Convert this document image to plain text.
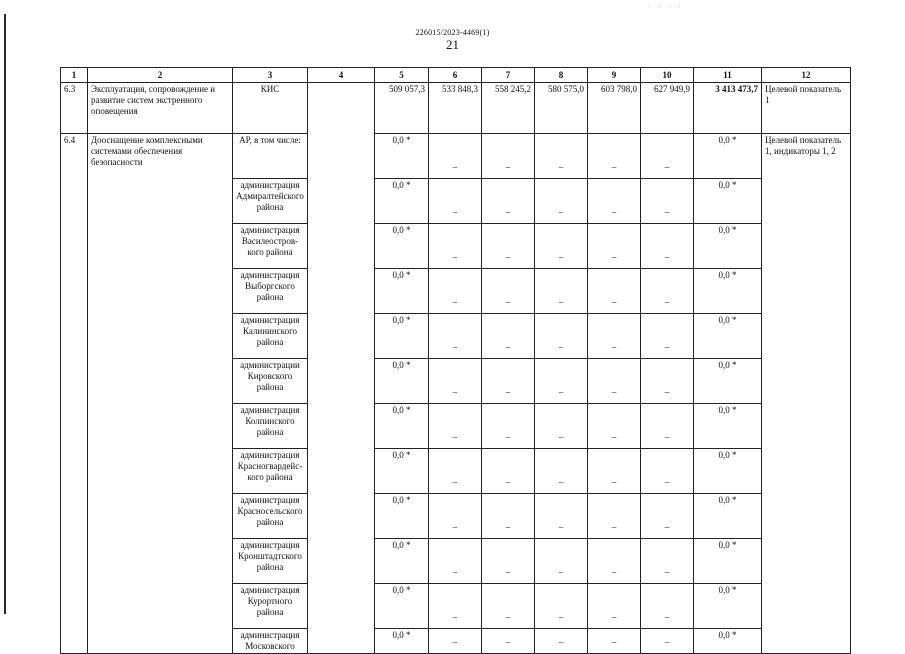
· · · ·
226015/2023-4469(1)
21
1	2	3	4	5	6	7	8	9	10	11	12
6.3	Эксплуатация, сопровождение и развитие систем экстренного оповещения	КИС		509 057,3	533 848,3	558 245,2	580 575,0	603 798,0	627 949,9	3 413 473,7	Целевой показатель 1
6.4	Дооснащение комплексными системами обеспечения безопасности	АР, в том числе:		0,0 *	–	–	–	–	–	0,0 *	Целевой показатель 1, индикаторы 1, 2
		администрация Адмиралтейского района		0,0 *	–	–	–	–	–	0,0 *	
		администрация Василеостров-кого района		0,0 *	–	–	–	–	–	0,0 *	
		администрация Выборгского района		0,0 *	–	–	–	–	–	0,0 *	
		администрация Калининского района		0,0 *	–	–	–	–	–	0,0 *	
		администрации Кировского района		0,0 *	–	–	–	–	–	0,0 *	
		администрация Колпинского района		0,0 *	–	–	–	–	–	0,0 *	
		администрация Красногвардейс-кого района		0,0 *	–	–	–	–	–	0,0 *	
		администрация Красносельского района		0,0 *	–	–	–	–	–	0,0 *	
		администрация Кронштадтского района		0,0 *	–	–	–	–	–	0,0 *	
		администрация Курортного района		0,0 *	–	–	–	–	–	0,0 *	
		администрация Московского		0,0 *	–	–	–	–	–	0,0 *	
